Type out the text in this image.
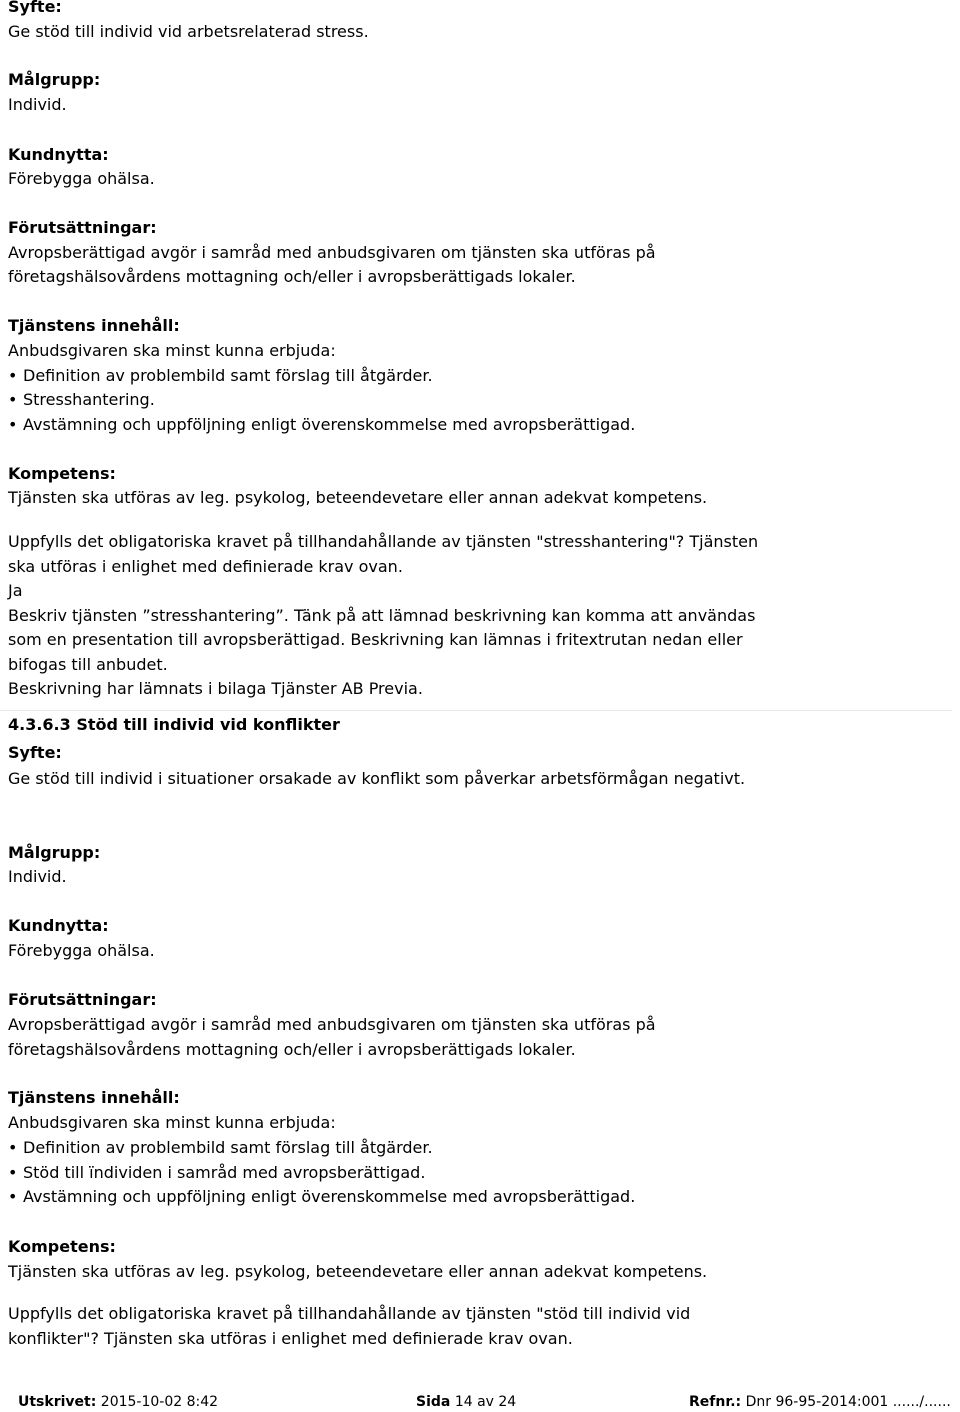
Syfte:
Ge stöd till individ vid arbetsrelaterad stress.
Målgrupp:
Individ.
Kundnytta:
Förebygga ohälsa.
Förutsättningar:
Avropsberättigad avgör i samråd med anbudsgivaren om tjänsten ska utföras på
företagshälsovårdens mottagning och/eller i avropsberättigads lokaler.
Tjänstens innehåll:
Anbudsgivaren ska minst kunna erbjuda:
• Definition av problembild samt förslag till åtgärder.
• Stresshantering.
• Avstämning och uppföljning enligt överenskommelse med avropsberättigad.
Kompetens:
Tjänsten ska utföras av leg. psykolog, beteendevetare eller annan adekvat kompetens.
Uppfylls det obligatoriska kravet på tillhandahållande av tjänsten "stresshantering"? Tjänsten
ska utföras i enlighet med definierade krav ovan.
Ja
Beskriv tjänsten ”stresshantering”. Tänk på att lämnad beskrivning kan komma att användas
som en presentation till avropsberättigad. Beskrivning kan lämnas i fritextrutan nedan eller
bifogas till anbudet.
Beskrivning har lämnats i bilaga Tjänster AB Previa.
4.3.6.3 Stöd till individ vid konflikter
Syfte:
Ge stöd till individ i situationer orsakade av konflikt som påverkar arbetsförmågan negativt.
Målgrupp:
Individ.
Kundnytta:
Förebygga ohälsa.
Förutsättningar:
Avropsberättigad avgör i samråd med anbudsgivaren om tjänsten ska utföras på
företagshälsovårdens mottagning och/eller i avropsberättigads lokaler.
Tjänstens innehåll:
Anbudsgivaren ska minst kunna erbjuda:
• Definition av problembild samt förslag till åtgärder.
• Stöd till ïndividen i samråd med avropsberättigad.
• Avstämning och uppföljning enligt överenskommelse med avropsberättigad.
Kompetens:
Tjänsten ska utföras av leg. psykolog, beteendevetare eller annan adekvat kompetens.
Uppfylls det obligatoriska kravet på tillhandahållande av tjänsten "stöd till individ vid
konflikter"? Tjänsten ska utföras i enlighet med definierade krav ovan.
Utskrivet: 2015-10-02 8:42	Sida 14 av 24	Refnr.: Dnr 96-95-2014:001 ....../......
